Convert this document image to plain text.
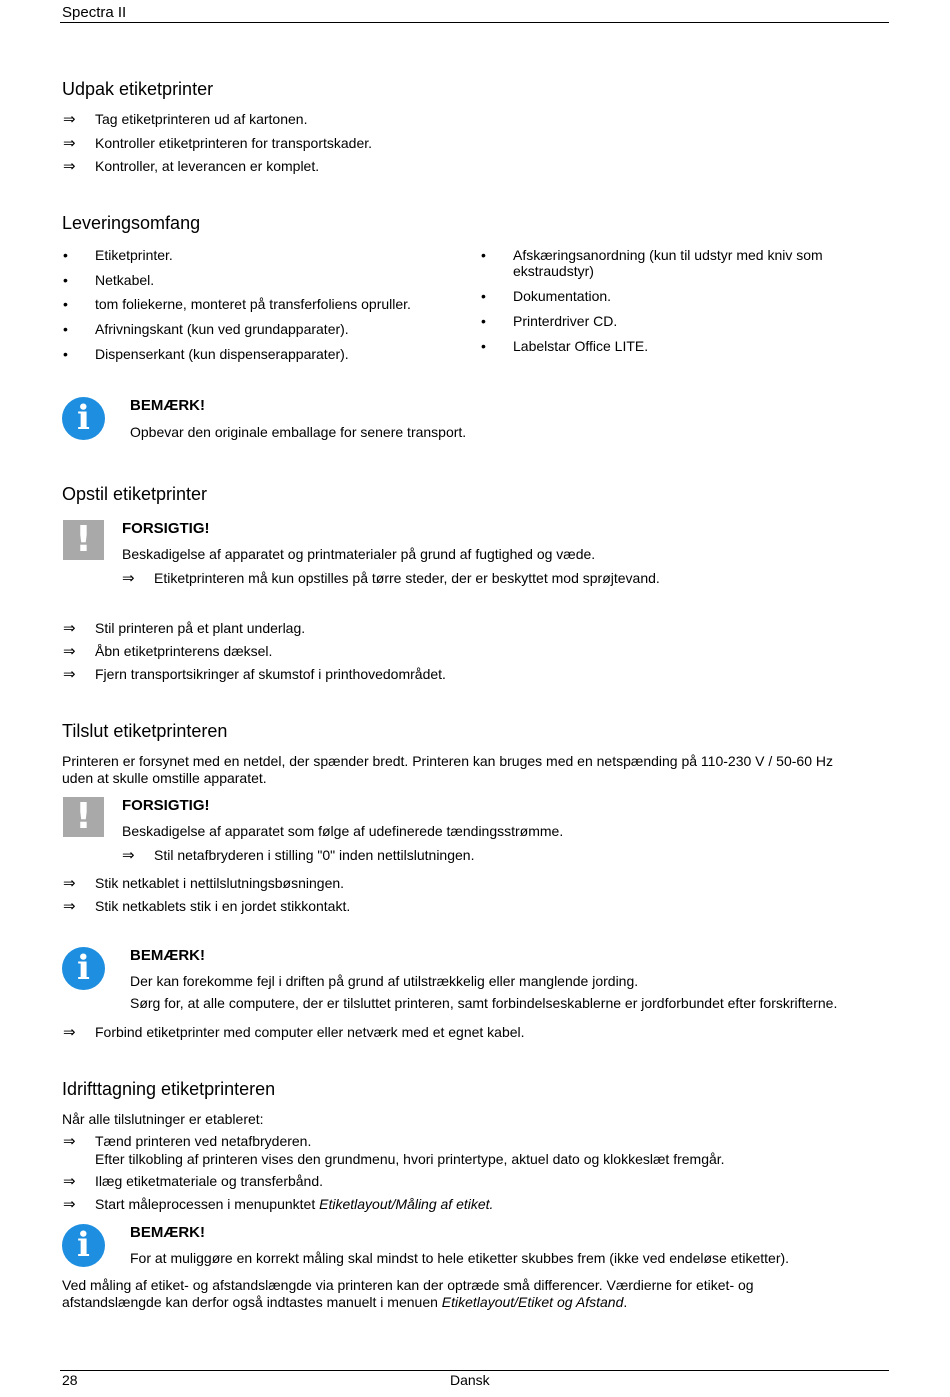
Spectra II
Udpak etiketprinter
⇒ Tag etiketprinteren ud af kartonen.
⇒ Kontroller etiketprinteren for transportskader.
⇒ Kontroller, at leverancen er komplet.
Leveringsomfang
• Etiketprinter.
• Netkabel.
• tom foliekerne, monteret på transferfoliens opruller.
• Afrivningskant (kun ved grundapparater).
• Dispenserkant (kun dispenserapparater).
• Afskæringsanordning (kun til udstyr med kniv som
ekstraudstyr)
• Dokumentation.
• Printerdriver CD.
• Labelstar Office LITE.
i	BEMÆRK!
Opbevar den originale emballage for senere transport.
Opstil etiketprinter
!	FORSIGTIG!
Beskadigelse af apparatet og printmaterialer på grund af fugtighed og væde.
⇒ Etiketprinteren må kun opstilles på tørre steder, der er beskyttet mod sprøjtevand.
⇒ Stil printeren på et plant underlag.
⇒ Åbn etiketprinterens dæksel.
⇒ Fjern transportsikringer af skumstof i printhovedområdet.
Tilslut etiketprinteren
Printeren er forsynet med en netdel, der spænder bredt. Printeren kan bruges med en netspænding på 110-230 V / 50-60 Hz
uden at skulle omstille apparatet.
!	FORSIGTIG!
Beskadigelse af apparatet som følge af udefinerede tændingsstrømme.
⇒ Stil netafbryderen i stilling "0" inden nettilslutningen.
⇒ Stik netkablet i nettilslutningsbøsningen.
⇒ Stik netkablets stik i en jordet stikkontakt.
i	BEMÆRK!
Der kan forekomme fejl i driften på grund af utilstrækkelig eller manglende jording.
Sørg for, at alle computere, der er tilsluttet printeren, samt forbindelseskablerne er jordforbundet efter forskrifterne.
⇒ Forbind etiketprinter med computer eller netværk med et egnet kabel.
Idrifttagning etiketprinteren
Når alle tilslutninger er etableret:
⇒ Tænd printeren ved netafbryderen.
Efter tilkobling af printeren vises den grundmenu, hvori printertype, aktuel dato og klokkeslæt fremgår.
⇒ Ilæg etiketmateriale og transferbånd.
⇒ Start måleprocessen i menupunktet Etiketlayout/Måling af etiket.
i	BEMÆRK!
For at muliggøre en korrekt måling skal mindst to hele etiketter skubbes frem (ikke ved endeløse etiketter).
Ved måling af etiket- og afstandslængde via printeren kan der optræde små differencer. Værdierne for etiket- og
afstandslængde kan derfor også indtastes manuelt i menuen Etiketlayout/Etiket og Afstand.
28	Dansk
